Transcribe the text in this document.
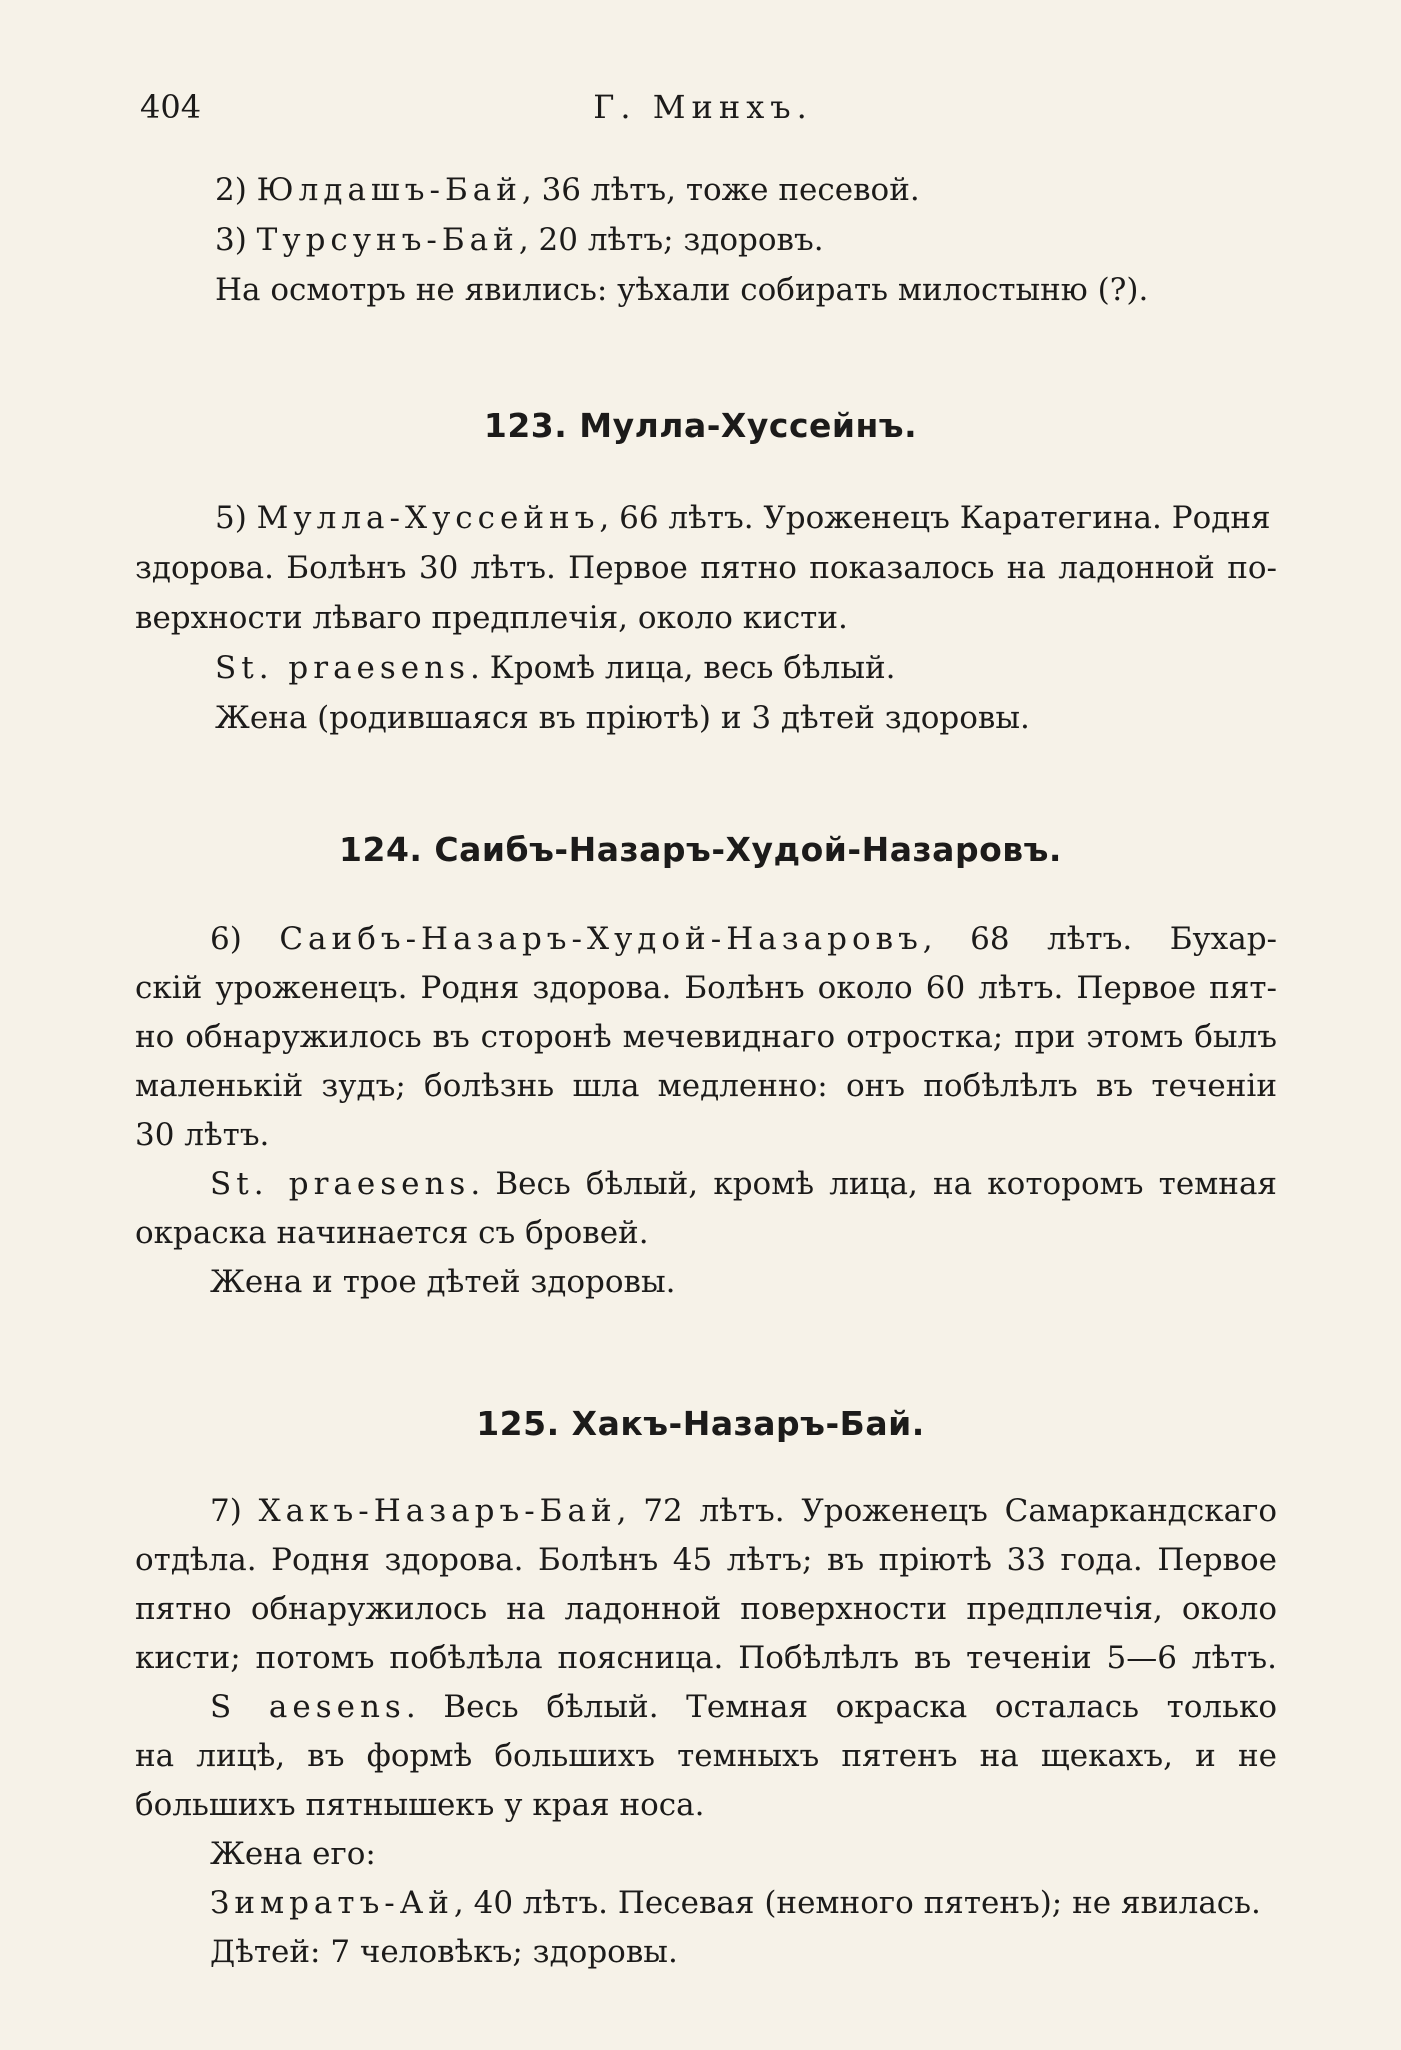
404	Г. Минхъ.
2) Юлдашъ-Бай, 36 лѣтъ, тоже песевой.
3) Турсунъ-Бай, 20 лѣтъ; здоровъ.
На осмотръ не явились: уѣхали собирать милостыню (?).
123. Мулла-Хуссейнъ.
5) Мулла-Хуссейнъ, 66 лѣтъ. Уроженецъ Каратегина. Родня
здорова. Болѣнъ 30 лѣтъ. Первое пятно показалось на ладонной по-
верхности лѣваго предплечія, около кисти.
St. praesens. Кромѣ лица, весь бѣлый.
Жена (родившаяся въ пріютѣ) и 3 дѣтей здоровы.
124. Саибъ-Назаръ-Худой-Назаровъ.
6) Саибъ-Назаръ-Худой-Назаровъ, 68 лѣтъ. Бухар-
скій уроженецъ. Родня здорова. Болѣнъ около 60 лѣтъ. Первое пят-
но обнаружилось въ сторонѣ мечевиднаго отростка; при этомъ былъ
маленькій зудъ; болѣзнь шла медленно: онъ побѣлѣлъ въ теченіи
30 лѣтъ.
St. praesens. Весь бѣлый, кромѣ лица, на которомъ темная
окраска начинается съ бровей.
Жена и трое дѣтей здоровы.
125. Хакъ-Назаръ-Бай.
7) Хакъ-Назаръ-Бай, 72 лѣтъ. Уроженецъ Самаркандскаго
отдѣла. Родня здорова. Болѣнъ 45 лѣтъ; въ пріютѣ 33 года. Первое
пятно обнаружилось на ладонной поверхности предплечія, около
кисти; потомъ побѣлѣла поясница. Побѣлѣлъ въ теченіи 5—6 лѣтъ.
S aesens. Весь бѣлый. Темная окраска осталась только
на лицѣ, въ формѣ большихъ темныхъ пятенъ на щекахъ, и не
большихъ пятнышекъ у края носа.
Жена его:
Зимратъ-Ай, 40 лѣтъ. Песевая (немного пятенъ); не явилась.
Дѣтей: 7 человѣкъ; здоровы.
